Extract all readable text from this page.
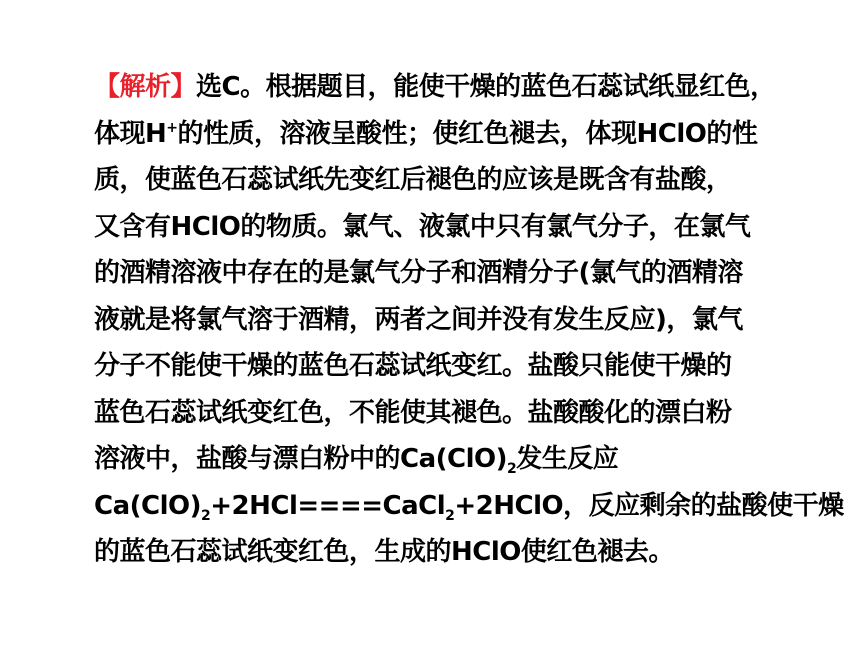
【解析】选C。根据题目，能使干燥的蓝色石蕊试纸显红色，
体现H+的性质，溶液呈酸性；使红色褪去，体现HClO的性
质，使蓝色石蕊试纸先变红后褪色的应该是既含有盐酸，
又含有HClO的物质。氯气、液氯中只有氯气分子，在氯气
的酒精溶液中存在的是氯气分子和酒精分子(氯气的酒精溶
液就是将氯气溶于酒精，两者之间并没有发生反应)，氯气
分子不能使干燥的蓝色石蕊试纸变红。盐酸只能使干燥的
蓝色石蕊试纸变红色，不能使其褪色。盐酸酸化的漂白粉
溶液中，盐酸与漂白粉中的$Ca(ClO)_2$发生反应
$Ca(ClO)_2+2HCl====CaCl_2+2HClO$，反应剩余的盐酸使干燥
的蓝色石蕊试纸变红色，生成的HClO使红色褪去。
